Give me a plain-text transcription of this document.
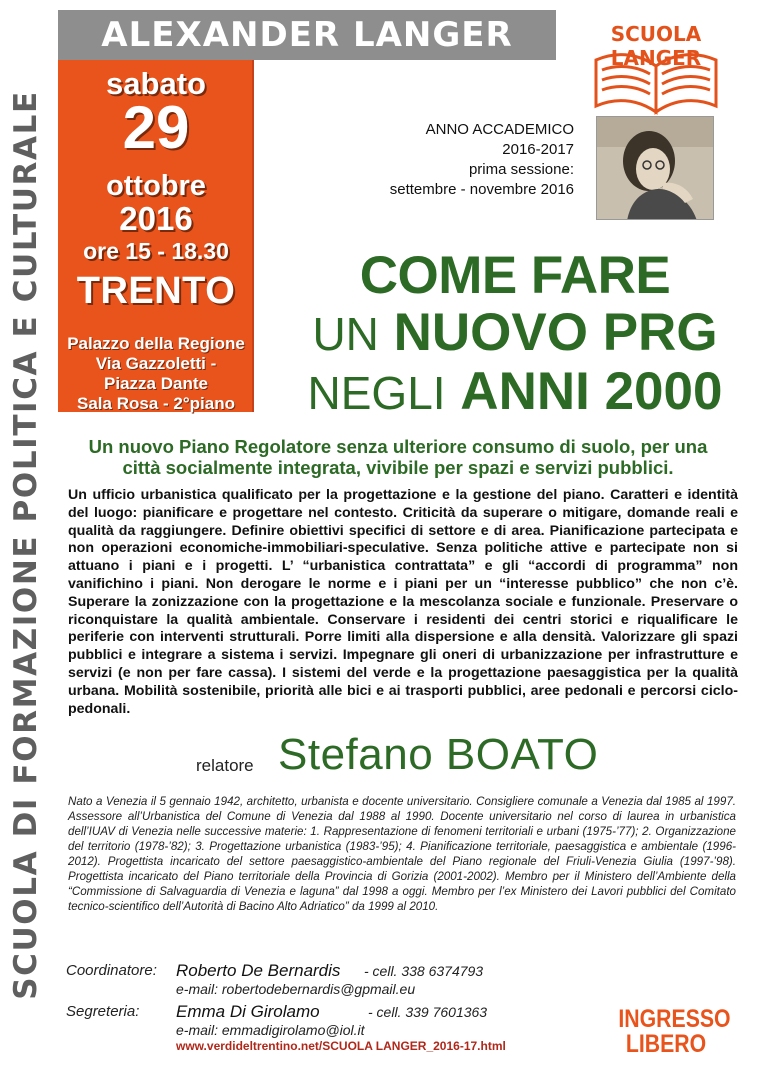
SCUOLA DI FORMAZIONE POLITICA E CULTURALE
ALEXANDER LANGER	SCUOLA LANGER
sabato
29
ottobre
2016
ore 15 - 18.30
TRENTO
Palazzo della Regione
Via Gazzoletti -
Piazza Dante
Sala Rosa - 2°piano
ANNO ACCADEMICO
2016-2017
prima sessione:
settembre - novembre 2016
COME FARE
UN NUOVO PRG
NEGLI ANNI 2000
Un nuovo Piano Regolatore senza ulteriore consumo di suolo, per una città socialmente integrata, vivibile per spazi e servizi pubblici.
Un ufficio urbanistica qualificato per la progettazione e la gestione del piano. Caratteri e identità del luogo: pianificare e progettare nel contesto. Criticità da superare o mitigare, domande reali e qualità da raggiungere. Definire obiettivi specifici di settore e di area. Pianificazione partecipata e non operazioni economiche-immobiliari-speculative. Senza politiche attive e partecipate non si attuano i piani e i progetti. L’ “urbanistica contrattata” e gli “accordi di programma” non vanifichino i piani. Non derogare le norme e i piani per un “interesse pubblico” che non c’è. Superare la zonizzazione con la progettazione e la mescolanza sociale e funzionale. Preservare o riconquistare la qualità ambientale. Conservare i residenti dei centri storici e riqualificare le periferie con interventi strutturali. Porre limiti alla dispersione e alla densità. Valorizzare gli spazi pubblici e integrare a sistema i servizi. Impegnare gli oneri di urbanizzazione per infrastrutture e servizi (e non per fare cassa). I sistemi del verde e la progettazione paesaggistica per la qualità urbana. Mobilità sostenibile, priorità alle bici e ai trasporti pubblici, aree pedonali e percorsi ciclo-pedonali.
relatore Stefano BOATO
Nato a Venezia il 5 gennaio 1942, architetto, urbanista e docente universitario. Consigliere comunale a Venezia dal 1985 al 1997. Assessore all’Urbanistica del Comune di Venezia dal 1988 al 1990. Docente universitario nel corso di laurea in urbanistica dell’IUAV di Venezia nelle successive materie: 1. Rappresentazione di fenomeni territoriali e urbani (1975-’77); 2. Organizzazione del territorio (1978-’82); 3. Progettazione urbanistica (1983-’95); 4. Pianificazione territoriale, paesaggistica e ambientale (1996-2012). Progettista incaricato del settore paesaggistico-ambientale del Piano regionale del Friuli-Venezia Giulia (1997-’98). Progettista incaricato del Piano territoriale della Provincia di Gorizia (2001-2002). Membro per il Ministero dell’Ambiente della “Commissione di Salvaguardia di Venezia e laguna” dal 1998 a oggi. Membro per l’ex Ministero dei Lavori pubblici del Comitato tecnico-scientifico dell’Autorità di Bacino Alto Adriatico” da 1999 al 2010.
Coordinatore: Roberto De Bernardis - cell. 338 6374793
e-mail: robertodebernardis@gpmail.eu
Segreteria: Emma Di Girolamo	- cell. 339 7601363
e-mail: emmadigirolamo@iol.it
www.verdideltrentino.net/SCUOLA LANGER_2016-17.html
INGRESSO
LIBERO
